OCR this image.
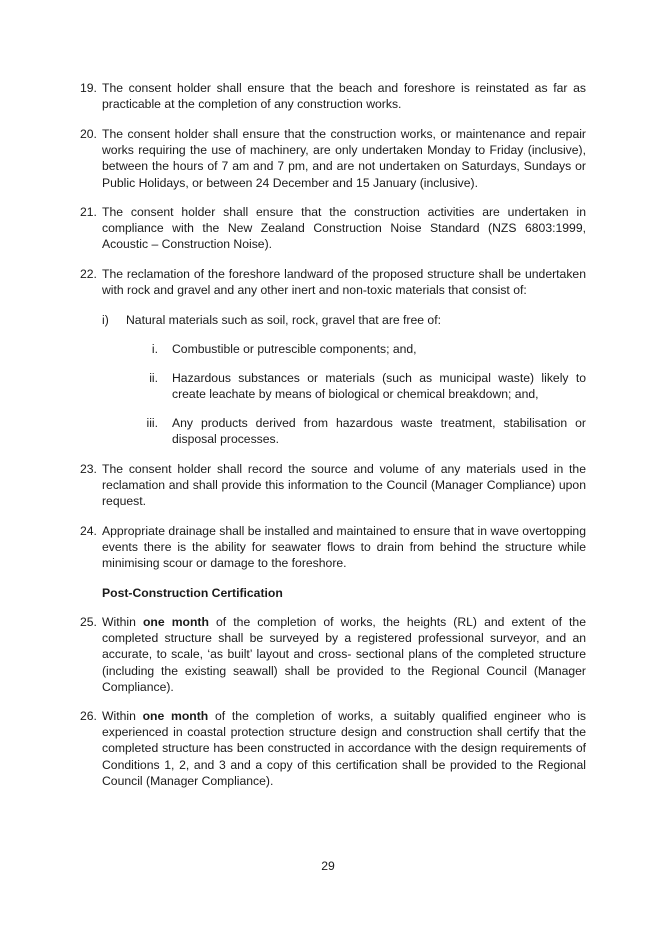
19. The consent holder shall ensure that the beach and foreshore is reinstated as far as practicable at the completion of any construction works.
20. The consent holder shall ensure that the construction works, or maintenance and repair works requiring the use of machinery, are only undertaken Monday to Friday (inclusive), between the hours of 7 am and 7 pm, and are not undertaken on Saturdays, Sundays or Public Holidays, or between 24 December and 15 January (inclusive).
21. The consent holder shall ensure that the construction activities are undertaken in compliance with the New Zealand Construction Noise Standard (NZS 6803:1999, Acoustic – Construction Noise).
22. The reclamation of the foreshore landward of the proposed structure shall be undertaken with rock and gravel and any other inert and non-toxic materials that consist of:
i) Natural materials such as soil, rock, gravel that are free of:
i. Combustible or putrescible components; and,
ii. Hazardous substances or materials (such as municipal waste) likely to create leachate by means of biological or chemical breakdown; and,
iii. Any products derived from hazardous waste treatment, stabilisation or disposal processes.
23. The consent holder shall record the source and volume of any materials used in the reclamation and shall provide this information to the Council (Manager Compliance) upon request.
24. Appropriate drainage shall be installed and maintained to ensure that in wave overtopping events there is the ability for seawater flows to drain from behind the structure while minimising scour or damage to the foreshore.
Post-Construction Certification
25. Within one month of the completion of works, the heights (RL) and extent of the completed structure shall be surveyed by a registered professional surveyor, and an accurate, to scale, ‘as built’ layout and cross- sectional plans of the completed structure (including the existing seawall) shall be provided to the Regional Council (Manager Compliance).
26. Within one month of the completion of works, a suitably qualified engineer who is experienced in coastal protection structure design and construction shall certify that the completed structure has been constructed in accordance with the design requirements of Conditions 1, 2, and 3 and a copy of this certification shall be provided to the Regional Council (Manager Compliance).
29
